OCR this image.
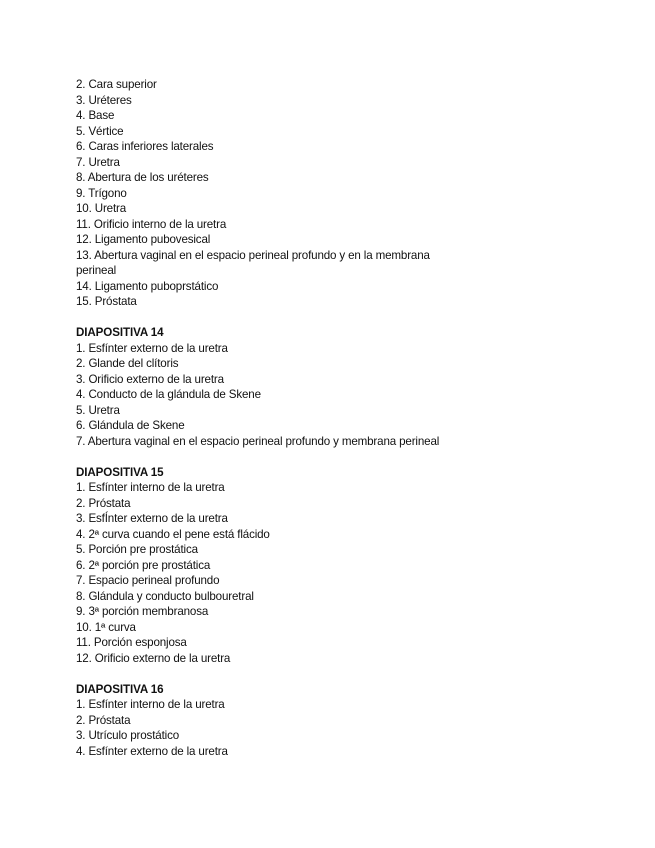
2. Cara superior
3. Uréteres
4. Base
5. Vértice
6. Caras inferiores laterales
7. Uretra
8. Abertura de los uréteres
9. Trígono
10. Uretra
11. Orificio interno de la uretra
12. Ligamento pubovesical
13. Abertura vaginal en el espacio perineal profundo y en la membrana perineal
14. Ligamento puboprstático
15. Próstata
DIAPOSITIVA 14
1. Esfínter externo de la uretra
2. Glande del clítoris
3. Orificio externo de la uretra
4. Conducto de la glándula de Skene
5. Uretra
6. Glándula de Skene
7. Abertura vaginal en el espacio perineal profundo y membrana perineal
DIAPOSITIVA 15
1. Esfínter interno de la uretra
2. Próstata
3. EsfÍnter externo de la uretra
4. 2ª curva cuando el pene está flácido
5. Porción pre prostática
6. 2ª porción pre prostática
7. Espacio perineal profundo
8. Glándula y conducto bulbouretral
9. 3ª porción membranosa
10. 1ª curva
11. Porción esponjosa
12. Orificio externo de la uretra
DIAPOSITIVA 16
1. Esfínter interno de la uretra
2. Próstata
3. Utrículo prostático
4. Esfínter externo de la uretra
